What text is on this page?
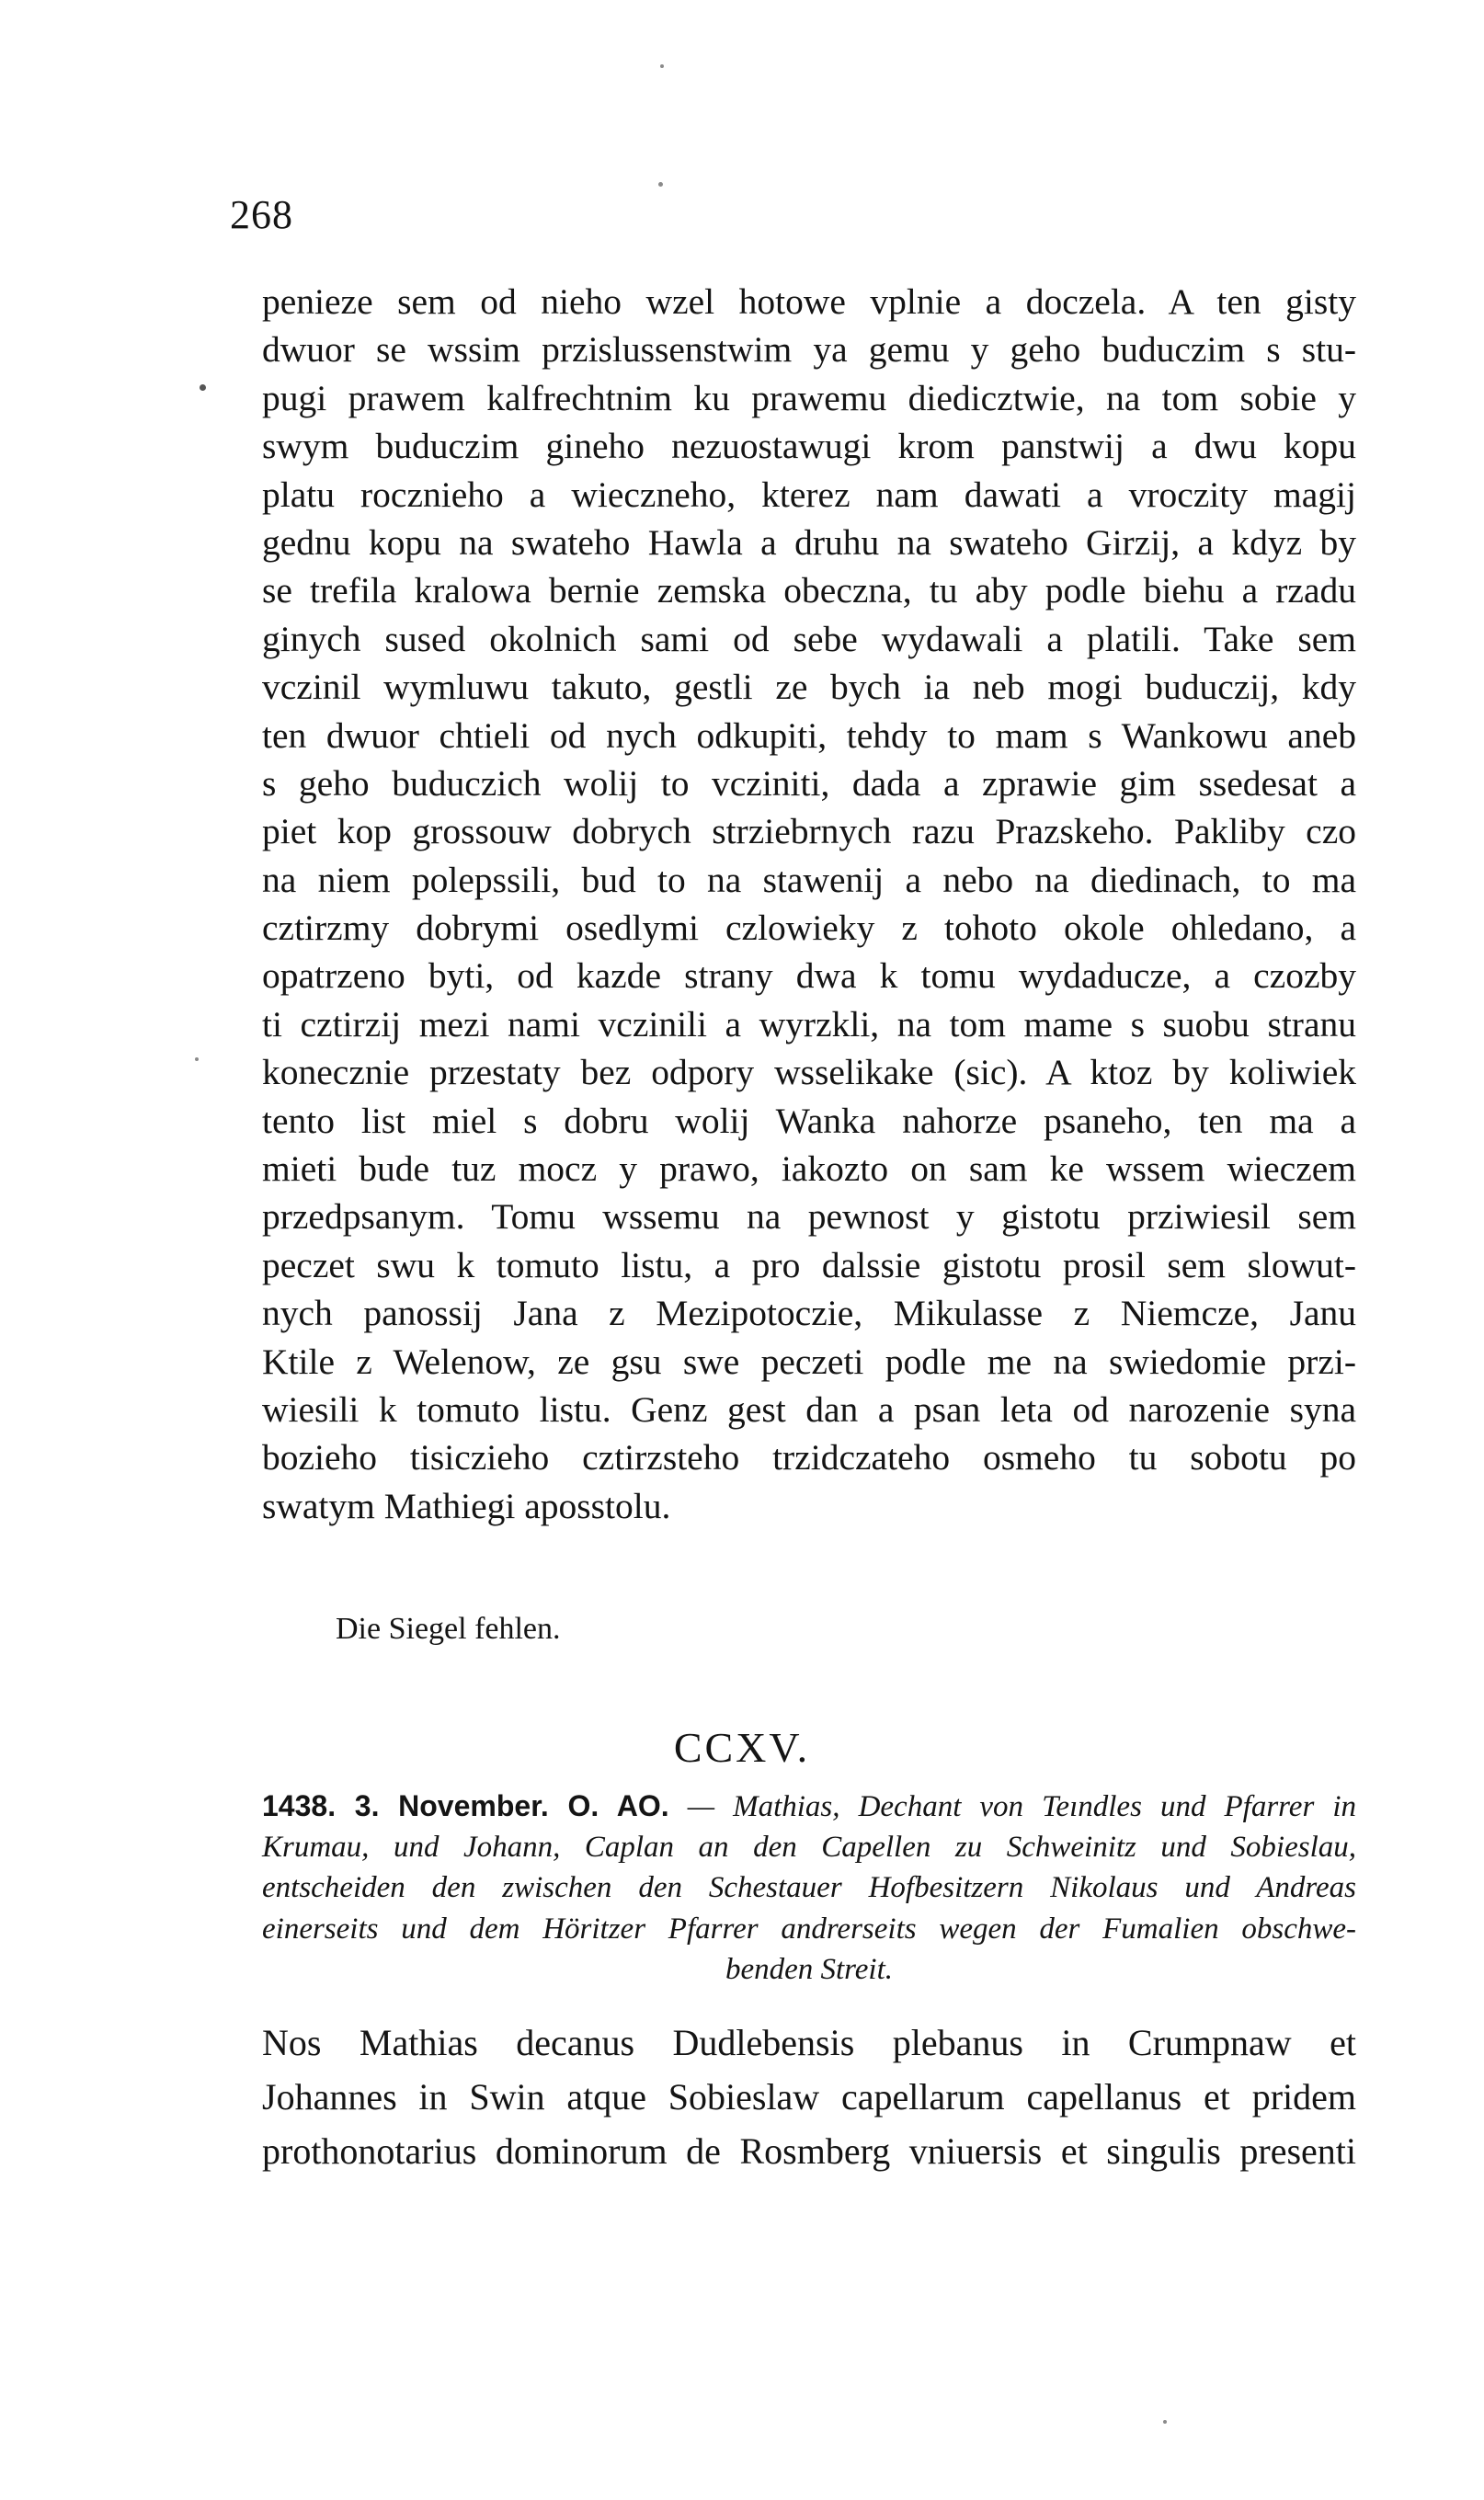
268
penieze sem od nieho wzel hotowe vplnie a doczela. A ten gisty
dwuor se wssim przislussenstwim ya gemu y geho buduczim s stu-
pugi prawem kalfrechtnim ku prawemu diedicztwie, na tom sobie y
swym buduczim gineho nezuostawugi krom panstwij a dwu kopu
platu rocznieho a wieczneho, kterez nam dawati a vroczity magij
gednu kopu na swateho Hawla a druhu na swateho Girzij, a kdyz by
se trefila kralowa bernie zemska obeczna, tu aby podle biehu a rzadu
ginych sused okolnich sami od sebe wydawali a platili. Take sem
vczinil wymluwu takuto, gestli ze bych ia neb mogi buduczij, kdy
ten dwuor chtieli od nych odkupiti, tehdy to mam s Wankowu aneb
s geho buduczich wolij to vcziniti, dada a zprawie gim ssedesat a
piet kop grossouw dobrych strziebrnych razu Prazskeho. Pakliby czo
na niem polepssili, bud to na stawenij a nebo na diedinach, to ma
cztirzmy dobrymi osedlymi czlowieky z tohoto okole ohledano, a
opatrzeno byti, od kazde strany dwa k tomu wydaducze, a czozby
ti cztirzij mezi nami vczinili a wyrzkli, na tom mame s suobu stranu
konecznie przestaty bez odpory wsselikake (sic). A ktoz by koliwiek
tento list miel s dobru wolij Wanka nahorze psaneho, ten ma a
mieti bude tuz mocz y prawo, iakozto on sam ke wssem wieczem
przedpsanym. Tomu wssemu na pewnost y gistotu prziwiesil sem
peczet swu k tomuto listu, a pro dalssie gistotu prosil sem slowut-
nych panossij Jana z Mezipotoczie, Mikulasse z Niemcze, Janu
Ktile z Welenow, ze gsu swe peczeti podle me na swiedomie przi-
wiesili k tomuto listu. Genz gest dan a psan leta od narozenie syna
bozieho tisiczieho cztirzsteho trzidczateho osmeho tu sobotu po
swatym Mathiegi aposstolu.
Die Siegel fehlen.
CCXV.
1438. 3. November. O. AO. — Mathias, Dechant von Teındles und Pfarrer in
Krumau, und Johann, Caplan an den Capellen zu Schweinitz und Sobieslau,
entscheiden den zwischen den Schestauer Hofbesitzern Nikolaus und Andreas
einerseits und dem Höritzer Pfarrer andrerseits wegen der Fumalien obschwe-
benden Streit.
Nos Mathias decanus Dudlebensis plebanus in Crumpnaw et
Johannes in Swin atque Sobieslaw capellarum capellanus et pridem
prothonotarius dominorum de Rosmberg vniuersis et singulis presenti
